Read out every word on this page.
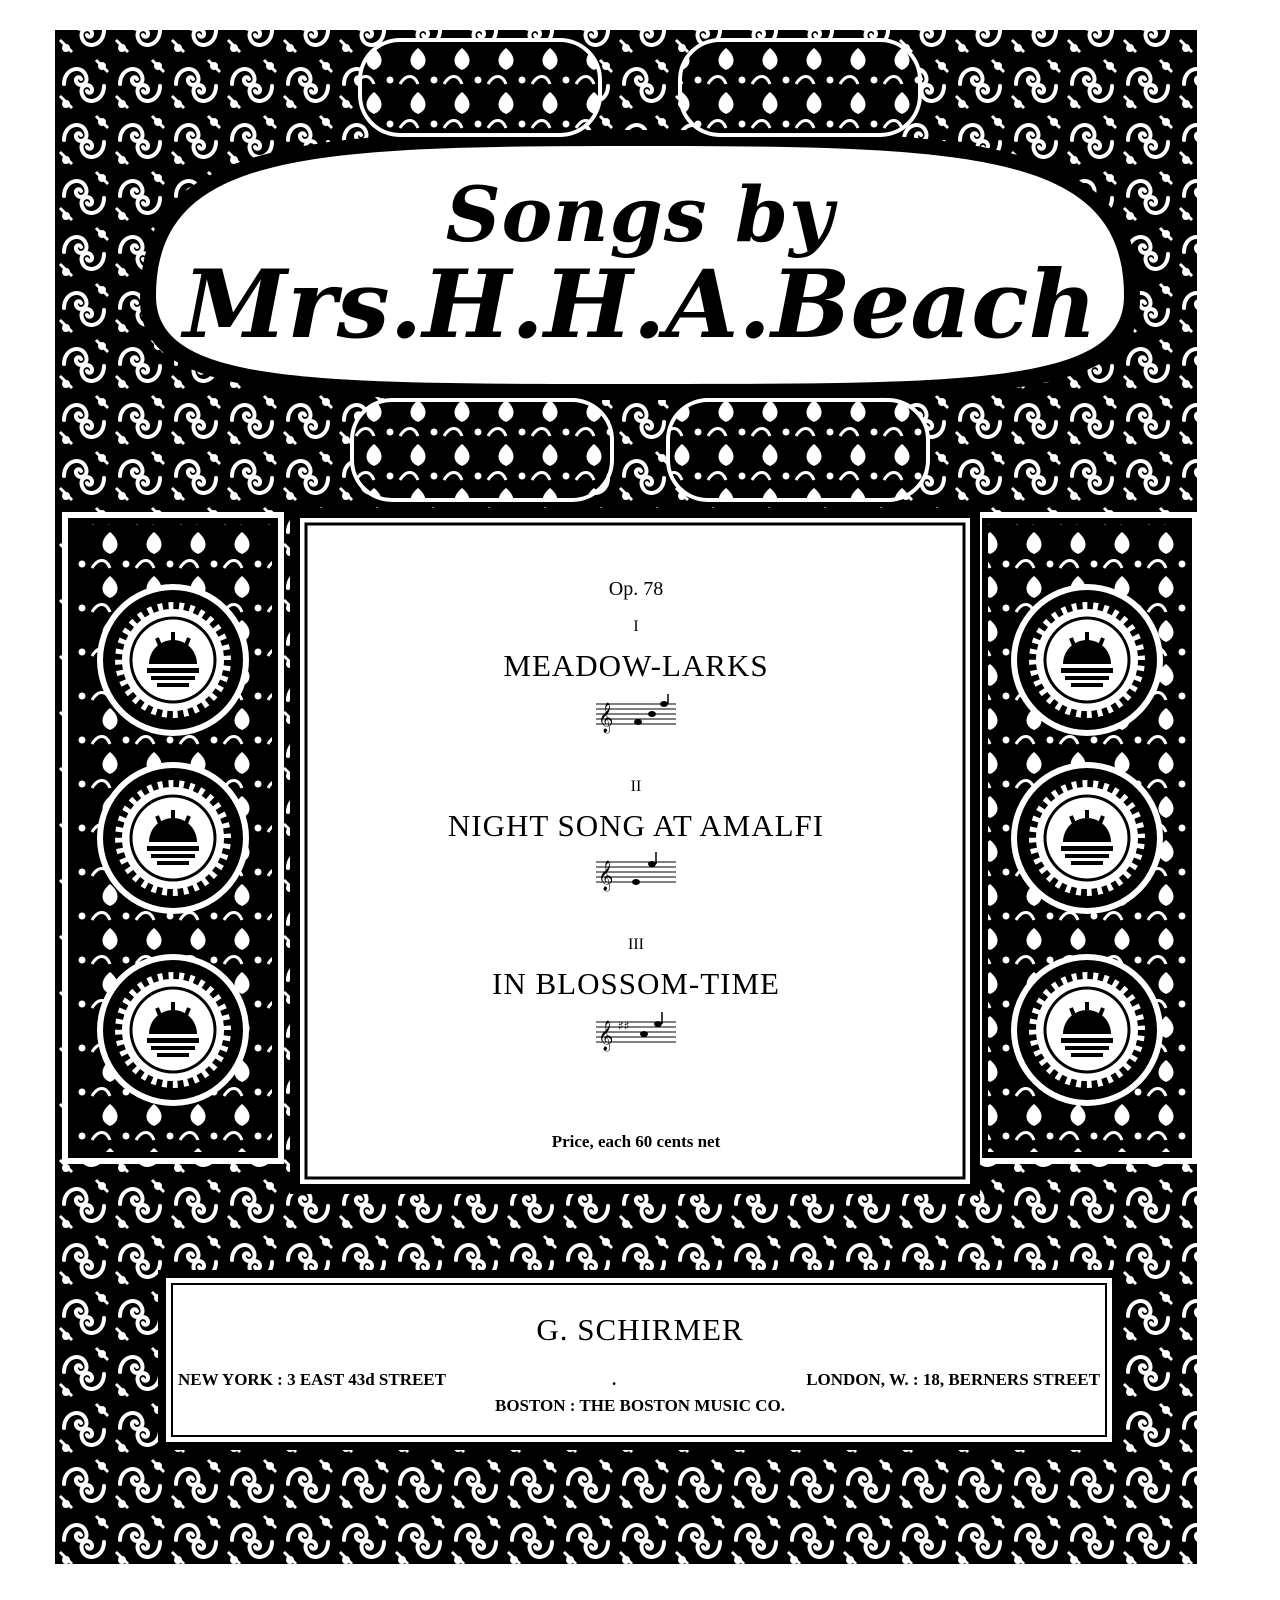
Songs by
Mrs.H.H.A.Beach
Op. 78
I
MEADOW-LARKS
𝄞
II
NIGHT SONG AT AMALFI
𝄞
III
IN BLOSSOM-TIME
𝄞 ♯♯
Price, each 60 cents net
G. SCHIRMER
NEW YORK : 3 EAST 43d STREET	.	LONDON, W. : 18, BERNERS STREET
BOSTON : THE BOSTON MUSIC CO.
